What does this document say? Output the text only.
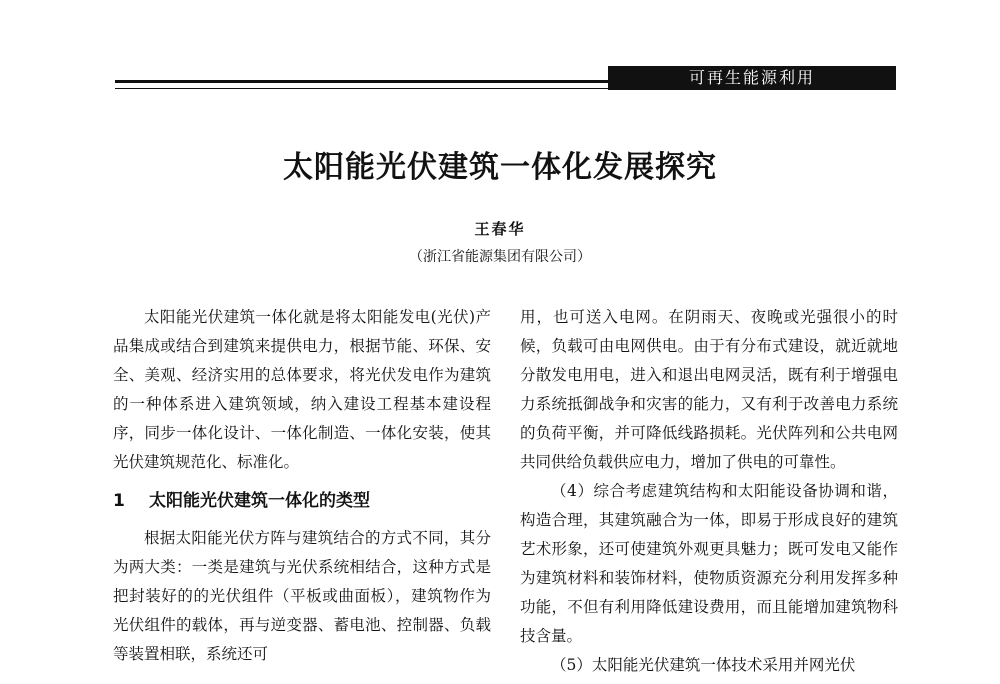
可再生能源利用
太阳能光伏建筑一体化发展探究
王春华
（浙江省能源集团有限公司）

太阳能光伏建筑一体化就是将太阳能发电(光伏)产品集成或结合到建筑来提供电力，根据节能、环保、安全、美观、经济实用的总体要求，将光伏发电作为建筑的一种体系进入建筑领域，纳入建设工程基本建设程序，同步一体化设计、一体化制造、一体化安装，使其光伏建筑规范化、标准化。

1 太阳能光伏建筑一体化的类型

根据太阳能光伏方阵与建筑结合的方式不同，其分为两大类：一类是建筑与光伏系统相结合，这种方式是把封装好的的光伏组件（平板或曲面板），建筑物作为光伏组件的载体，再与逆变器、蓄电池、控制器、负载等装置相联，系统还可

用，也可送入电网。在阴雨天、夜晚或光强很小的时候，负载可由电网供电。由于有分布式建设，就近就地分散发电用电，进入和退出电网灵活，既有利于增强电力系统抵御战争和灾害的能力，又有利于改善电力系统的负荷平衡，并可降低线路损耗。光伏阵列和公共电网共同供给负载供应电力，增加了供电的可靠性。

（4）综合考虑建筑结构和太阳能设备协调和谐，构造合理，其建筑融合为一体，即易于形成良好的建筑艺术形象，还可使建筑外观更具魅力；既可发电又能作为建筑材料和装饰材料，使物质资源充分利用发挥多种功能，不但有利用降低建设费用，而且能增加建筑物科技含量。

（5）太阳能光伏建筑一体技术采用并网光伏
